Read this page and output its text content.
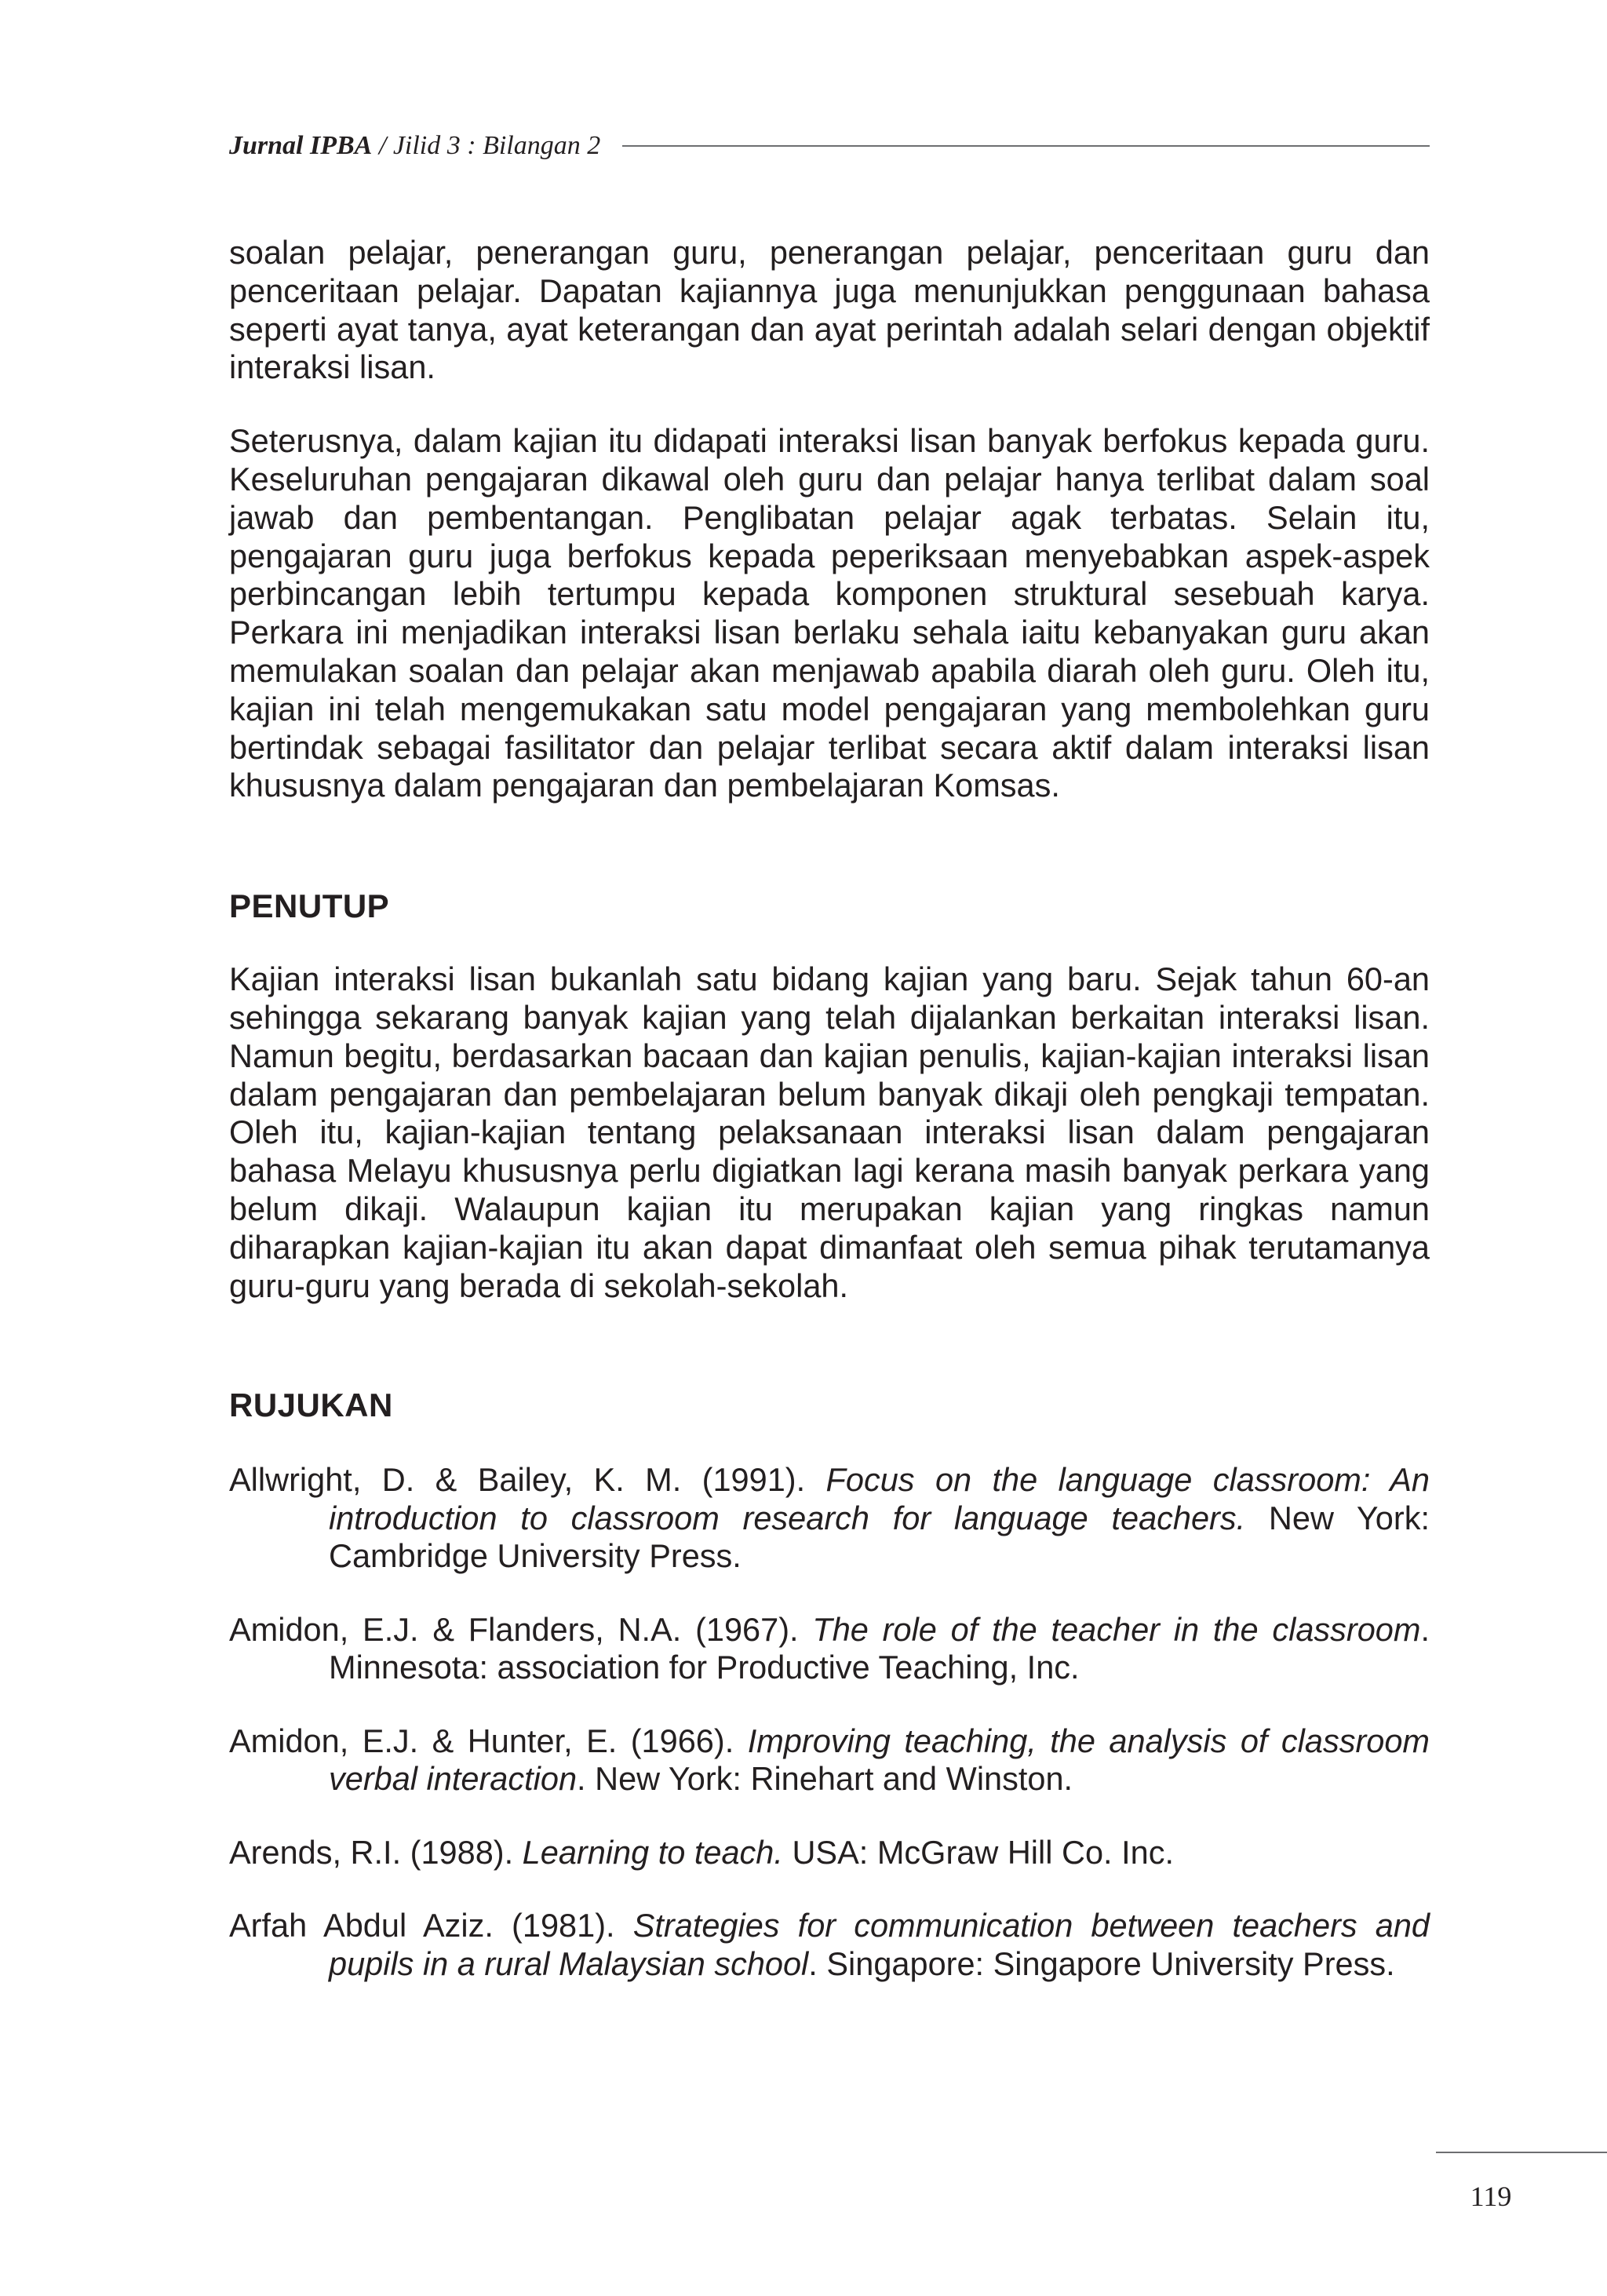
Jurnal IPBA / Jilid 3 : Bilangan 2

soalan pelajar, penerangan guru, penerangan pelajar, penceritaan guru dan penceritaan pelajar. Dapatan kajiannya juga menunjukkan penggunaan bahasa seperti ayat tanya, ayat keterangan dan ayat perintah adalah selari dengan objektif interaksi lisan.

Seterusnya, dalam kajian itu didapati interaksi lisan banyak berfokus kepada guru. Keseluruhan pengajaran dikawal oleh guru dan pelajar hanya terlibat dalam soal jawab dan pembentangan. Penglibatan pelajar agak terbatas. Selain itu, pengajaran guru juga berfokus kepada peperiksaan menyebabkan aspek-aspek perbincangan lebih tertumpu kepada komponen struktural sesebuah karya. Perkara ini menjadikan interaksi lisan berlaku sehala iaitu kebanyakan guru akan memulakan soalan dan pelajar akan menjawab apabila diarah oleh guru. Oleh itu, kajian ini telah mengemukakan satu model pengajaran yang membolehkan guru bertindak sebagai fasilitator dan pelajar terlibat secara aktif dalam interaksi lisan khususnya dalam pengajaran dan pembelajaran Komsas.

PENUTUP

Kajian interaksi lisan bukanlah satu bidang kajian yang baru. Sejak tahun 60-an sehingga sekarang banyak kajian yang telah dijalankan berkaitan interaksi lisan. Namun begitu, berdasarkan bacaan dan kajian penulis, kajian-kajian interaksi lisan dalam pengajaran dan pembelajaran belum banyak dikaji oleh pengkaji tempatan. Oleh itu, kajian-kajian tentang pelaksanaan interaksi lisan dalam pengajaran bahasa Melayu khususnya perlu digiatkan lagi kerana masih banyak perkara yang belum dikaji. Walaupun kajian itu merupakan kajian yang ringkas namun diharapkan kajian-kajian itu akan dapat dimanfaat oleh semua pihak terutamanya guru-guru yang berada di sekolah-sekolah.

RUJUKAN

Allwright, D. & Bailey, K. M. (1991). Focus on the language classroom: An introduction to classroom research for language teachers. New York: Cambridge University Press.

Amidon, E.J. & Flanders, N.A. (1967). The role of the teacher in the classroom. Minnesota: association for Productive Teaching, Inc.

Amidon, E.J. & Hunter, E. (1966). Improving teaching, the analysis of classroom verbal interaction. New York: Rinehart and Winston.

Arends, R.I. (1988). Learning to teach. USA: McGraw Hill Co. Inc.

Arfah Abdul Aziz. (1981). Strategies for communication between teachers and pupils in a rural Malaysian school. Singapore: Singapore University Press.

119
